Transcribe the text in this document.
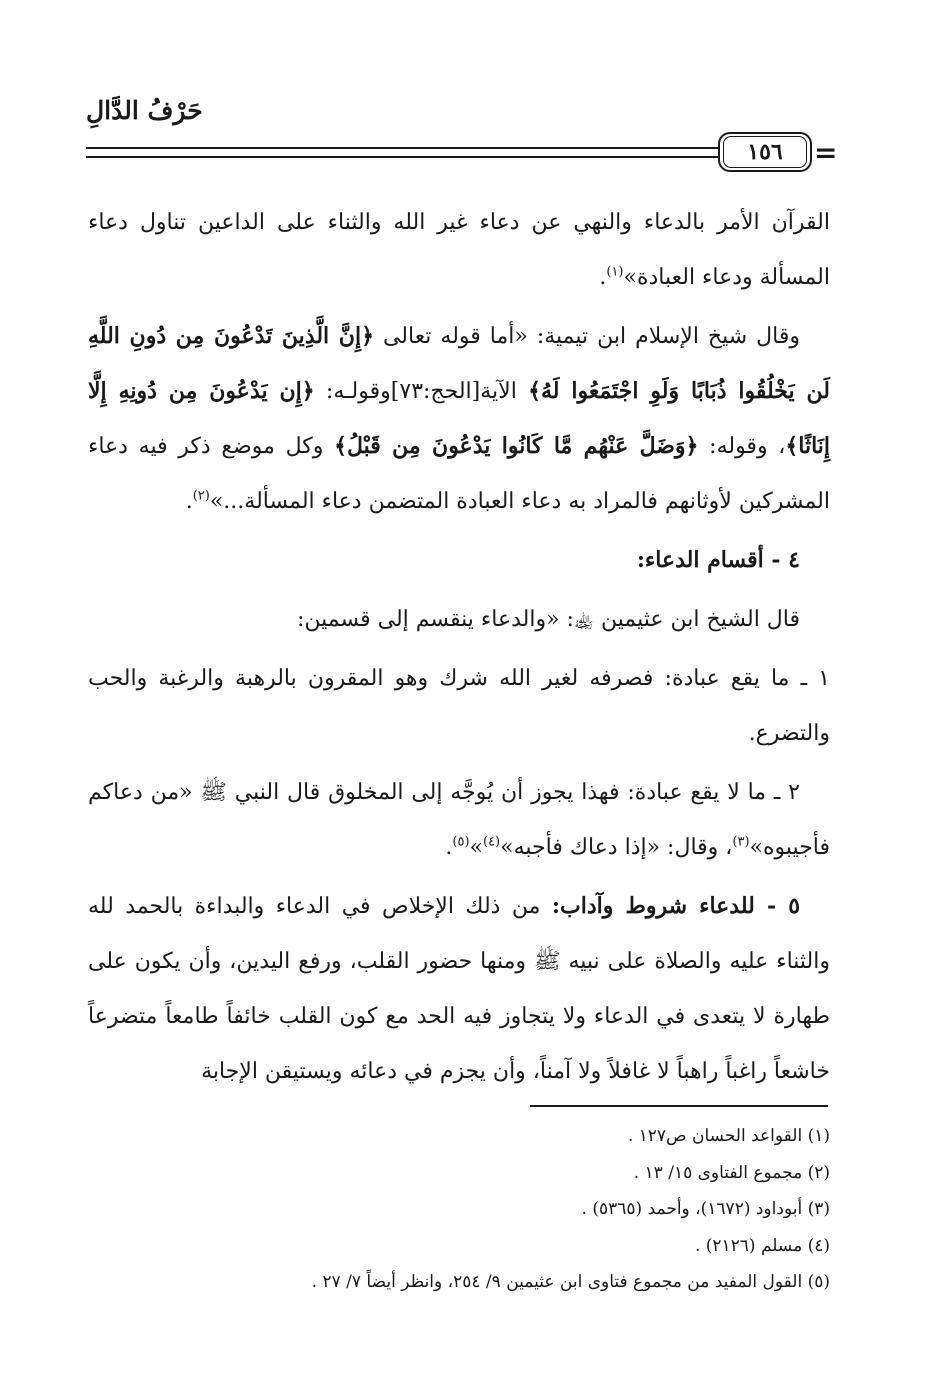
حَرْفُ الدَّالِ
١٥٦	=

القرآن الأمر بالدعاء والنهي عن دعاء غير الله والثناء على الداعين تناول دعاء المسألة ودعاء العبادة»$^{(١)}$.

وقال شيخ الإسلام ابن تيمية: «أما قوله تعالى ﴿إِنَّ الَّذِينَ تَدْعُونَ مِن دُونِ اللَّهِ لَن يَخْلُقُوا ذُبَابًا وَلَوِ اجْتَمَعُوا لَهُ﴾ الآية[الحج:٧٣]وقولـه: ﴿إِن يَدْعُونَ مِن دُونِهِ إِلَّا إِنَاثًا﴾، وقوله: ﴿وَضَلَّ عَنْهُم مَّا كَانُوا يَدْعُونَ مِن قَبْلُ﴾ وكل موضع ذكر فيه دعاء المشركين لأوثانهم فالمراد به دعاء العبادة المتضمن دعاء المسألة...»$^{(٢)}$.

٤ - أقسام الدعاء:

قال الشيخ ابن عثيمين ﵀: «والدعاء ينقسم إلى قسمين:

١ ـ ما يقع عبادة: فصرفه لغير الله شرك وهو المقرون بالرهبة والرغبة والحب والتضرع.

٢ ـ ما لا يقع عبادة: فهذا يجوز أن يُوجَّه إلى المخلوق قال النبي ﷺ «من دعاكم فأجيبوه»$^{(٣)}$، وقال: «إذا دعاك فأجبه»$^{(٤)}$»$^{(٥)}$.

٥ - للدعاء شروط وآداب: من ذلك الإخلاص في الدعاء والبداءة بالحمد لله والثناء عليه والصلاة على نبيه ﷺ ومنها حضور القلب، ورفع اليدين، وأن يكون على طهارة لا يتعدى في الدعاء ولا يتجاوز فيه الحد مع كون القلب خائفاً طامعاً متضرعاً خاشعاً راغباً راهباً لا غافلاً ولا آمناً، وأن يجزم في دعائه ويستيقن الإجابة

(١) القواعد الحسان ص١٢٧ .
(٢) مجموع الفتاوى ١٥/ ١٣ .
(٣) أبوداود (١٦٧٢)، وأحمد (٥٣٦٥) .
(٤) مسلم (٢١٢٦) .
(٥) القول المفيد من مجموع فتاوى ابن عثيمين ٩/ ٢٥٤، وانظر أيضاً ٧/ ٢٧ .
